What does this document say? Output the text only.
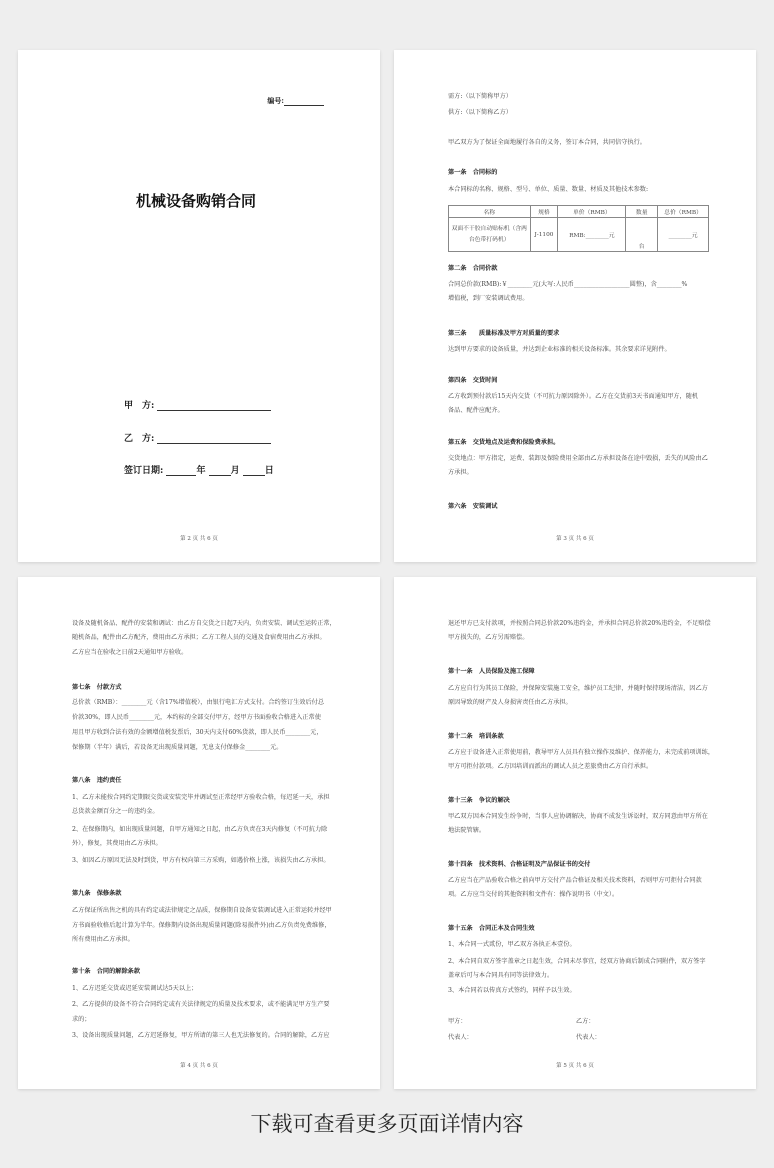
编号:
机械设备购销合同
甲　方:
乙　方:
签订日期:	年	月	日
第 2 页 共 6 页
需方:（以下简称甲方）
供方:（以下简称乙方）
甲乙双方为了保证全面地履行各自的义务，签订本合同，共同信守执行。
第一条　合同标的
本合同标的名称、规格、型号、单位、质量、数量、材质及其他技术参数:
第二条　合同价款
合同总价款(RMB):￥________元(大写:人民币__________________圆整)，含________%
增值税，到厂安装调试费用。
第三条　　质量标准及甲方对质量的要求
达到甲方要求的设备质量，并达到企业标准的相关设备标准。其余要求详见附件。
第四条　交货时间
乙方收到预付款后15天内交货（不可抗力原因除外）。乙方在交货前3天书面通知甲方，随机
备品、配件应配齐。
第五条　交货地点及运费和保险费承担。
交货地点：甲方指定，运费、装卸及保险费用全部由乙方承担设备在途中毁损，丢失的风险由乙
方承担。
第六条　安装调试
名称	规格	单价（RMB）	数量	总价（RMB）
双面不干胶自动贴标机（含两台色带打码机）	J-1100	RMB:________元	台	________元
第 3 页 共 6 页
设备及随机备品、配件的安装和调试：由乙方自交货之日起7天内，负责安装、调试至运转正常，
随机备品，配件由乙方配齐，费用由乙方承担；乙方工程人员的交通及食宿费用由乙方承担。
乙方应当在验收之日前2天通知甲方验收。
第七条　付款方式
总价款（RMB）：________元（含17%增值税），由银行电汇方式支付。合约签订生效后付总
价款30%，即人民币________元，本约标的全部交付甲方，经甲方书面验收合格进入正常使
用且甲方收到合法有效的金额增值税发票后，30天内支付60%货款，即人民币________元，
保修期（半年）满后，若设备无出现质量问题，无息支付保修金________元。
第八条　违约责任
1、乙方未能按合同约定期限交货或安装完毕并调试至正常经甲方验收合格，每迟延一天，承担
总货款金额百分之一的违约金。
2、在保修期内，如出现质量问题，自甲方通知之日起，由乙方负责在3天内修复（不可抗力除
外），修复，其费用由乙方承担。
3、如因乙方原因无法及时到货，甲方有权向第三方采购，如遇价格上涨，该损失由乙方承担。
第九条　保修条款
乙方保证所出售之机的具有约定或法律规定之品质，保修期自设备安装调试进入正常运转并经甲
方书面验收格后起计算为半年。保修期内设备出现质量问题(除易损件外)由乙方负责免费维修，
所有费用由乙方承担。
第十条　合同的解除条款
1、乙方迟延交货或迟延安装调试达5天以上；
2、乙方提供的设备不符合合同约定或有关法律规定的质量及技术要求，或不能满足甲方生产要
求的；
3、设备出现质量问题，乙方迟延修复，甲方所请的第三人也无法修复的。合同的解除，乙方应
第 4 页 共 6 页
退还甲方已支付款项，并按照合同总价款20%违约金，并承担合同总价款20%违约金，不足赔偿
甲方损失的，乙方另需赔偿。
第十一条　人员保险及施工保障
乙方应自行为其员工保险，并保障安装施工安全，维护员工纪律，并随时保持现场清洁，因乙方
原因导致的财产及人身损害责任由乙方承担。
第十二条　培训条款
乙方应于设备进入正常使用前，教导甲方人员具有独立操作及维护、保养能力，未完成前项训练，
甲方可拒付款项。乙方因培训而派出的调试人员之差旅费由乙方自行承担。
第十三条　争议的解决
甲乙双方因本合同发生纷争时，当事人应协调解决，协商不成发生诉讼时，双方同意由甲方所在
地法院管辖。
第十四条　技术资料、合格证明及产品保证书的交付
乙方应当在产品验收合格之前向甲方交付产品合格证及相关技术资料，否则甲方可拒付合同款
项。乙方应当交付的其他资料和文件有：操作说明书（中文）。
第十五条　合同正本及合同生效
1、本合同一式贰份，甲乙双方各执正本壹份。
2、本合同自双方签字盖章之日起生效，合同未尽事宜，经双方协商后制成合同附件，双方签字
盖章后可与本合同具有同等法律效力。
3、本合同若以传真方式签约，同样予以生效。
甲方：
代表人：
乙方：
代表人：
第 5 页 共 6 页
下载可查看更多页面详情内容
